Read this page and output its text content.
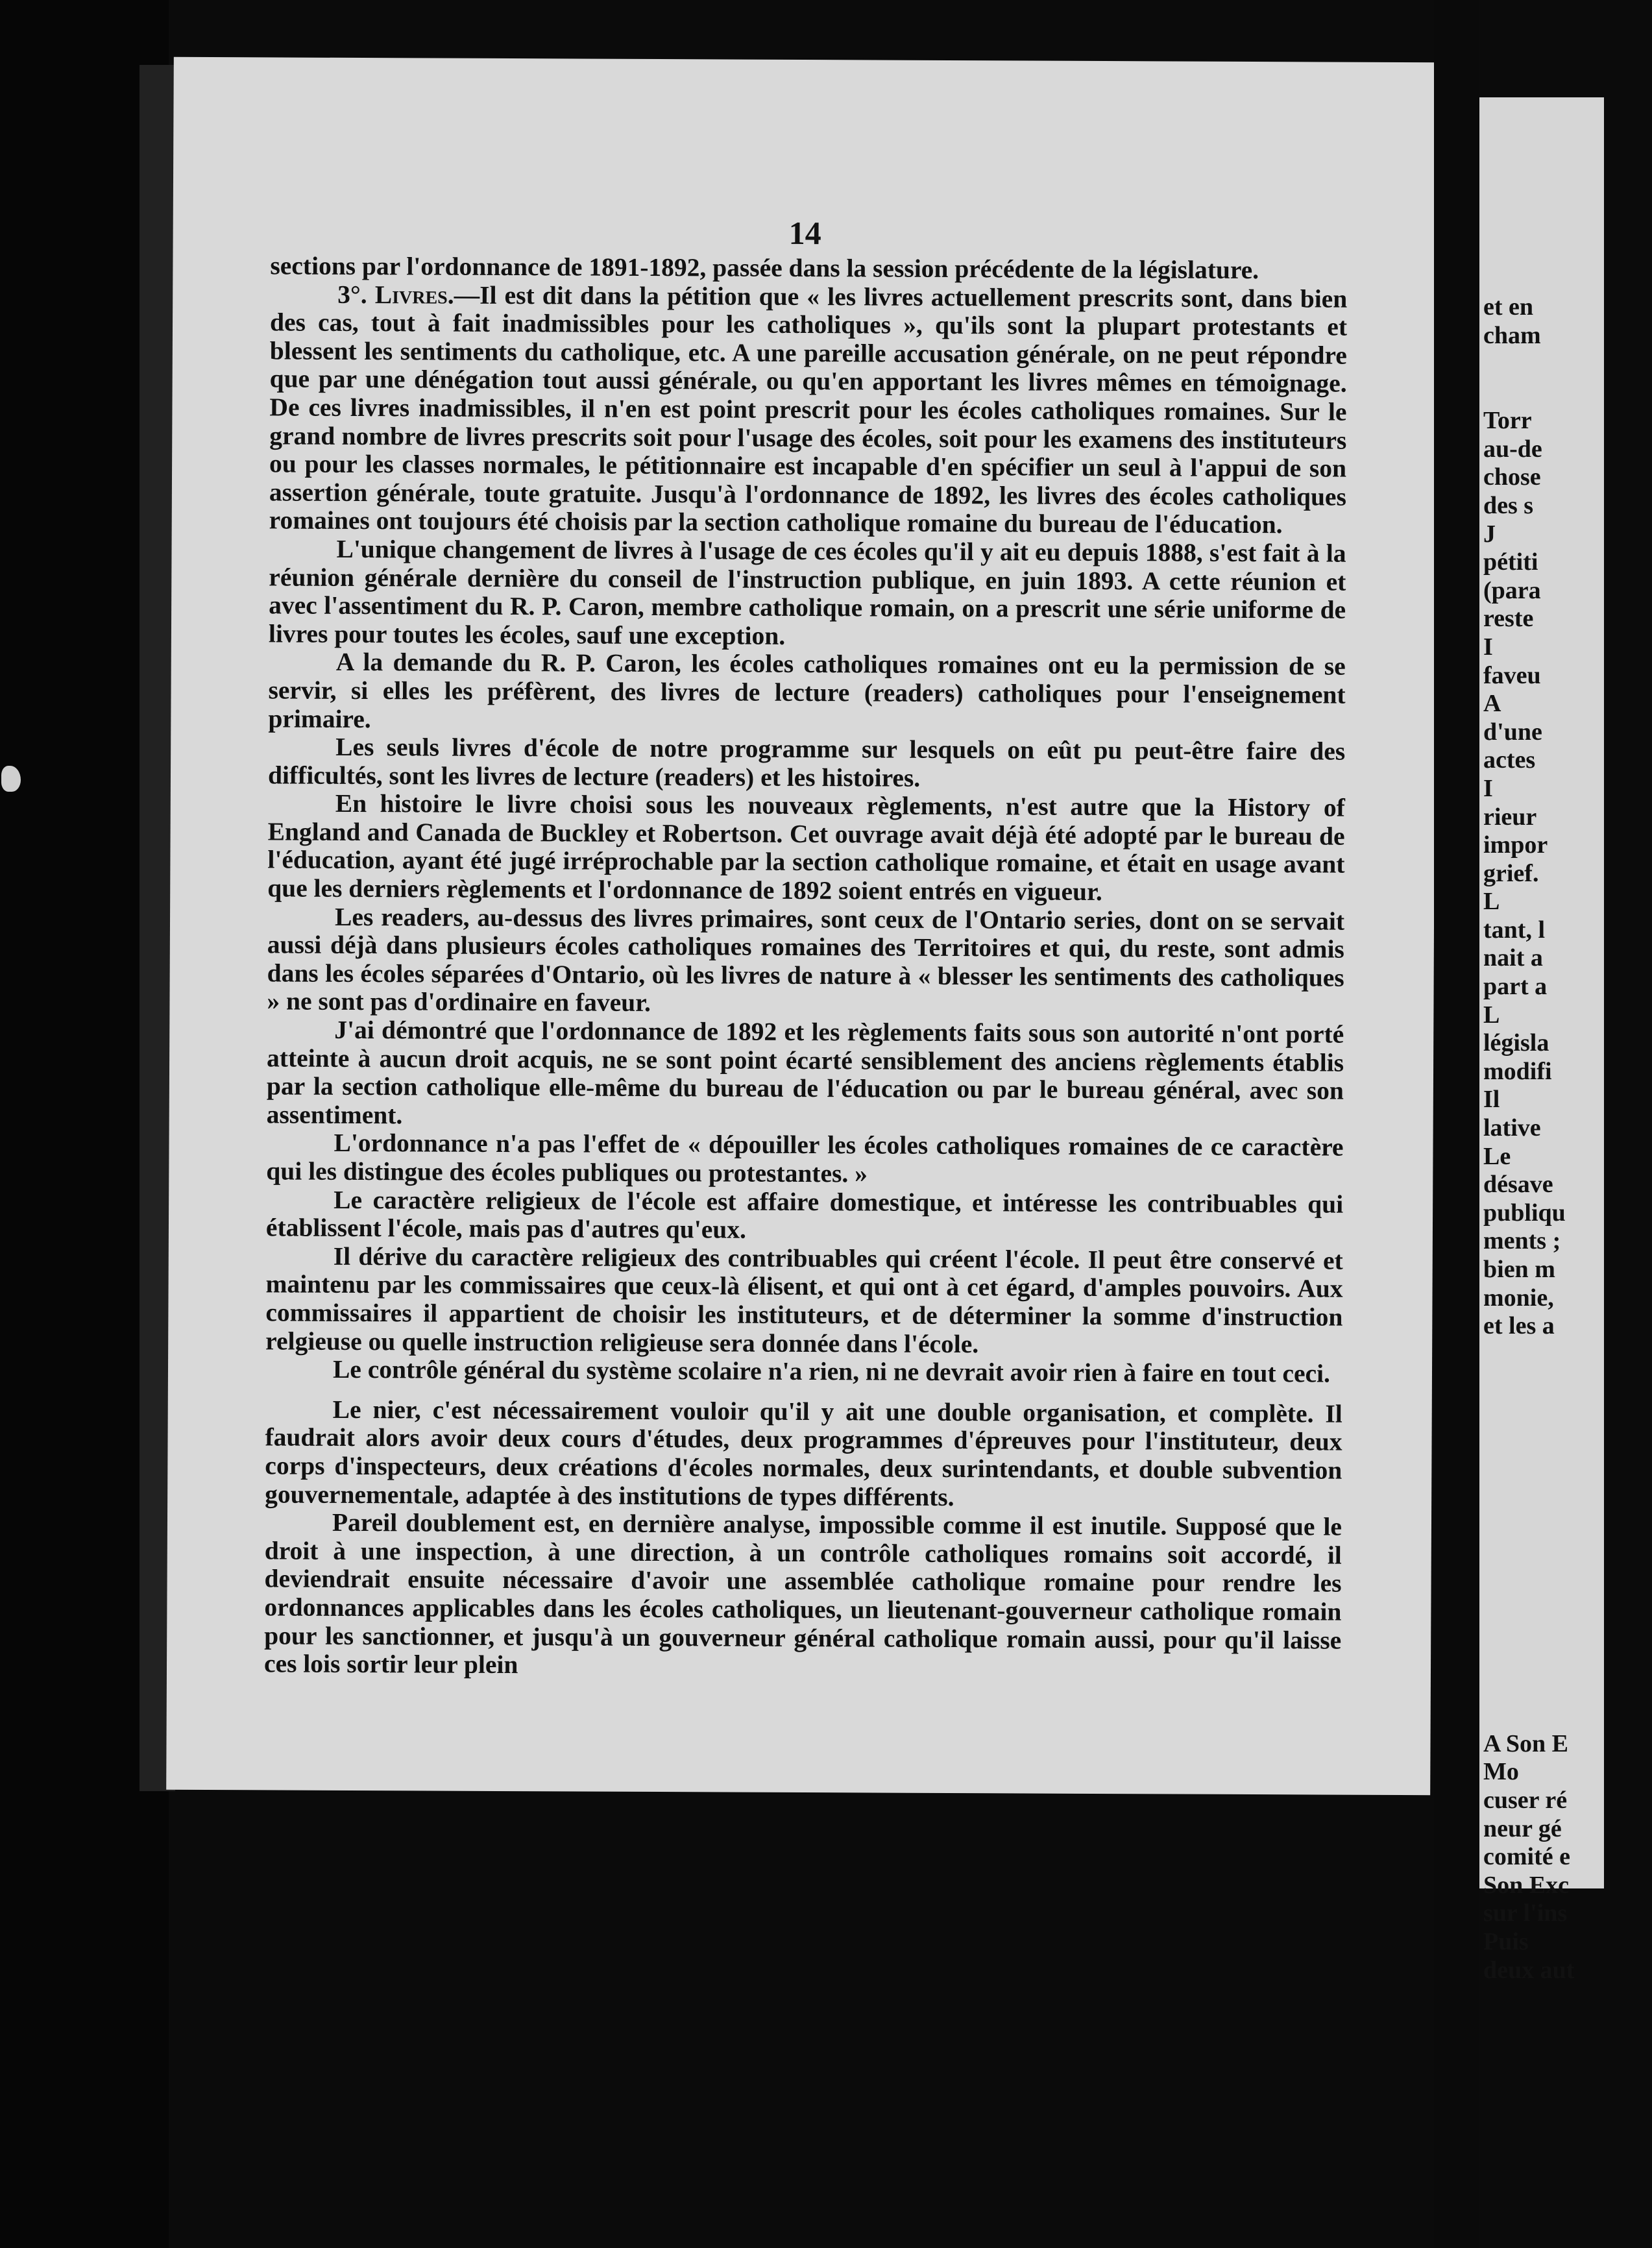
14

sections par l'ordonnance de 1891-1892, passée dans la session précédente de la législature.

3°. Livres.—Il est dit dans la pétition que « les livres actuellement prescrits sont, dans bien des cas, tout à fait inadmissibles pour les catholiques », qu'ils sont la plupart protestants et blessent les sentiments du catholique, etc. A une pareille accusation générale, on ne peut répondre que par une dénégation tout aussi générale, ou qu'en apportant les livres mêmes en témoignage. De ces livres inadmissibles, il n'en est point prescrit pour les écoles catholiques romaines. Sur le grand nombre de livres prescrits soit pour l'usage des écoles, soit pour les examens des instituteurs ou pour les classes normales, le pétitionnaire est incapable d'en spécifier un seul à l'appui de son assertion générale, toute gratuite. Jusqu'à l'ordonnance de 1892, les livres des écoles catholiques romaines ont toujours été choisis par la section catholique romaine du bureau de l'éducation.

L'unique changement de livres à l'usage de ces écoles qu'il y ait eu depuis 1888, s'est fait à la réunion générale dernière du conseil de l'instruction publique, en juin 1893. A cette réunion et avec l'assentiment du R. P. Caron, membre catholique romain, on a prescrit une série uniforme de livres pour toutes les écoles, sauf une exception.

A la demande du R. P. Caron, les écoles catholiques romaines ont eu la permission de se servir, si elles les préfèrent, des livres de lecture (readers) catholiques pour l'enseignement primaire.

Les seuls livres d'école de notre programme sur lesquels on eût pu peut-être faire des difficultés, sont les livres de lecture (readers) et les histoires.

En histoire le livre choisi sous les nouveaux règlements, n'est autre que la History of England and Canada de Buckley et Robertson. Cet ouvrage avait déjà été adopté par le bureau de l'éducation, ayant été jugé irréprochable par la section catholique romaine, et était en usage avant que les derniers règlements et l'ordonnance de 1892 soient entrés en vigueur.

Les readers, au-dessus des livres primaires, sont ceux de l'Ontario series, dont on se servait aussi déjà dans plusieurs écoles catholiques romaines des Territoires et qui, du reste, sont admis dans les écoles séparées d'Ontario, où les livres de nature à « blesser les sentiments des catholiques » ne sont pas d'ordinaire en faveur.

J'ai démontré que l'ordonnance de 1892 et les règlements faits sous son autorité n'ont porté atteinte à aucun droit acquis, ne se sont point écarté sensiblement des anciens règlements établis par la section catholique elle-même du bureau de l'éducation ou par le bureau général, avec son assentiment.

L'ordonnance n'a pas l'effet de « dépouiller les écoles catholiques romaines de ce caractère qui les distingue des écoles publiques ou protestantes. »

Le caractère religieux de l'école est affaire domestique, et intéresse les contribuables qui établissent l'école, mais pas d'autres qu'eux.

Il dérive du caractère religieux des contribuables qui créent l'école. Il peut être conservé et maintenu par les commissaires que ceux-là élisent, et qui ont à cet égard, d'amples pouvoirs. Aux commissaires il appartient de choisir les instituteurs, et de déterminer la somme d'instruction relgieuse ou quelle instruction religieuse sera donnée dans l'école.

Le contrôle général du système scolaire n'a rien, ni ne devrait avoir rien à faire en tout ceci.

Le nier, c'est nécessairement vouloir qu'il y ait une double organisation, et complète. Il faudrait alors avoir deux cours d'études, deux programmes d'épreuves pour l'instituteur, deux corps d'inspecteurs, deux créations d'écoles normales, deux surintendants, et double subvention gouvernementale, adaptée à des institutions de types différents.

Pareil doublement est, en dernière analyse, impossible comme il est inutile. Supposé que le droit à une inspection, à une direction, à un contrôle catholiques romains soit accordé, il deviendrait ensuite nécessaire d'avoir une assemblée catholique romaine pour rendre les ordonnances applicables dans les écoles catholiques, un lieutenant-gouverneur catholique romain pour les sanctionner, et jusqu'à un gouverneur général catholique romain aussi, pour qu'il laisse ces lois sortir leur plein

et en
cham
Torr
au-de
chose
des s
J
pétiti
(para
reste
I
faveu
A
d'une
actes
I
rieur
impor
grief.
L
tant, l
nait a
part a
L
législa
modifi
Il
lative
Le
désave
publiqu
ments ;
bien m
monie,
et les a
A Son E
Mo
cuser ré
neur gé
comité e
Son Exc
sur l'ins
Puis
deux aut
